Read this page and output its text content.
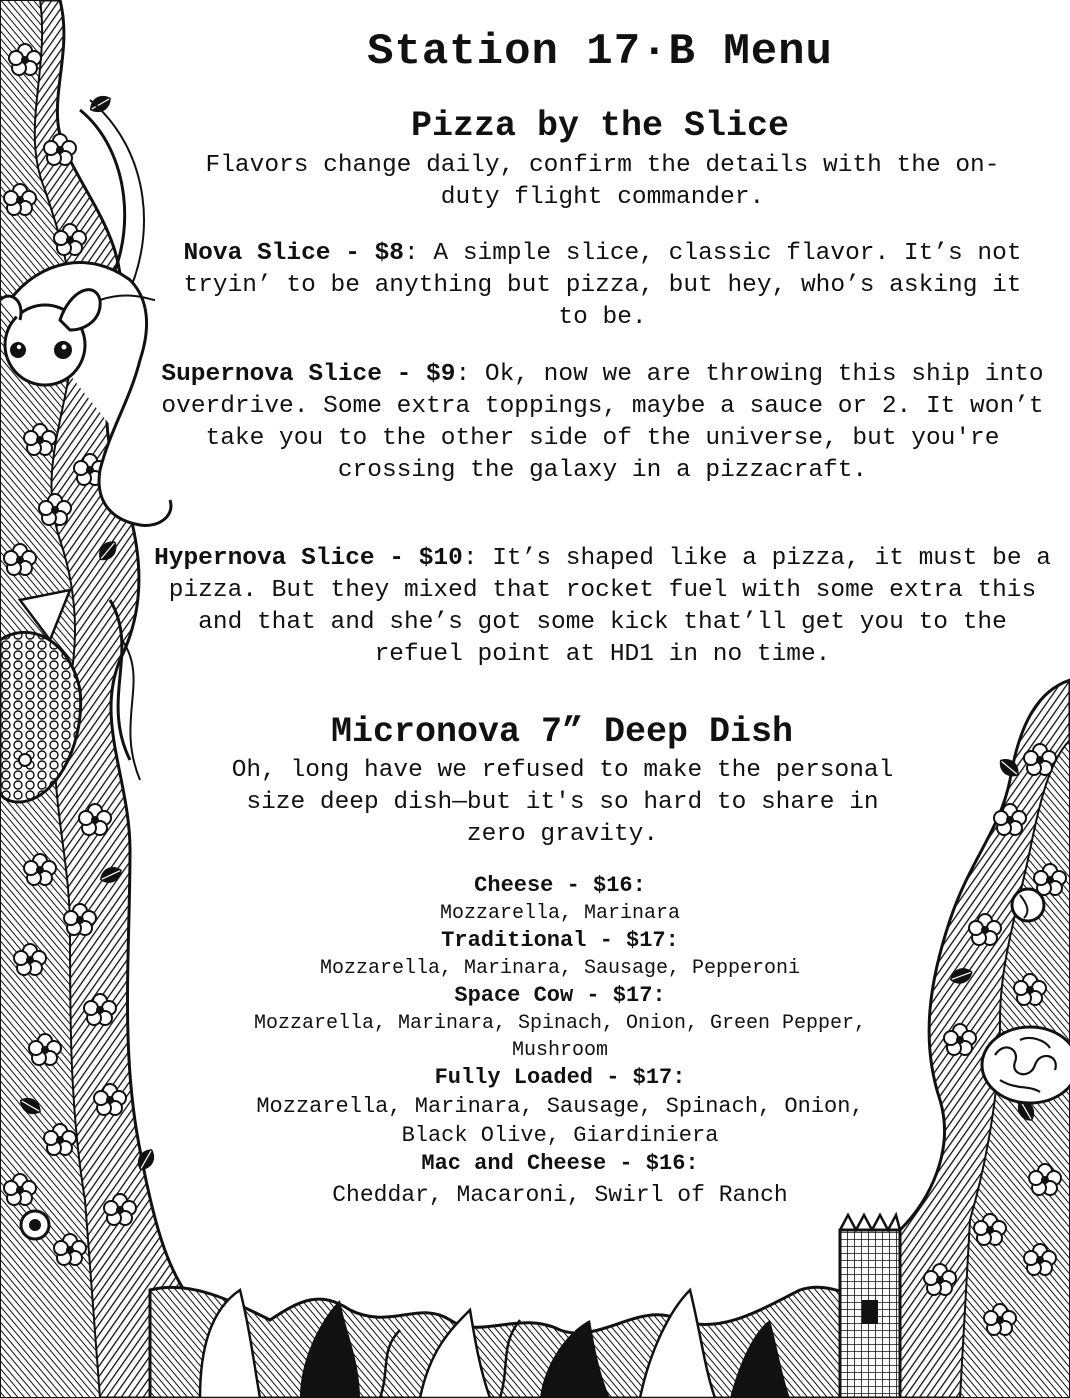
Station 17·B Menu
Pizza by the Slice

Flavors change daily, confirm the details with the on-duty flight commander.

Nova Slice - $8: A simple slice, classic flavor. It’s not tryin’ to be anything but pizza, but hey, who’s asking it to be.

Supernova Slice - $9: Ok, now we are throwing this ship into overdrive. Some extra toppings, maybe a sauce or 2. It won’t take you to the other side of the universe, but you're crossing the galaxy in a pizzacraft.

Hypernova Slice - $10: It’s shaped like a pizza, it must be a pizza. But they mixed that rocket fuel with some extra this and that and she’s got some kick that’ll get you to the refuel point at HD1 in no time.

Micronova 7” Deep Dish

Oh, long have we refused to make the personal size deep dish—but it's so hard to share in zero gravity.

Cheese - $16:
Mozzarella, Marinara
Traditional - $17:
Mozzarella, Marinara, Sausage, Pepperoni
Space Cow - $17:
Mozzarella, Marinara, Spinach, Onion, Green Pepper, Mushroom
Fully Loaded - $17:
Mozzarella, Marinara, Sausage, Spinach, Onion, Black Olive, Giardiniera
Mac and Cheese - $16:
Cheddar, Macaroni, Swirl of Ranch
